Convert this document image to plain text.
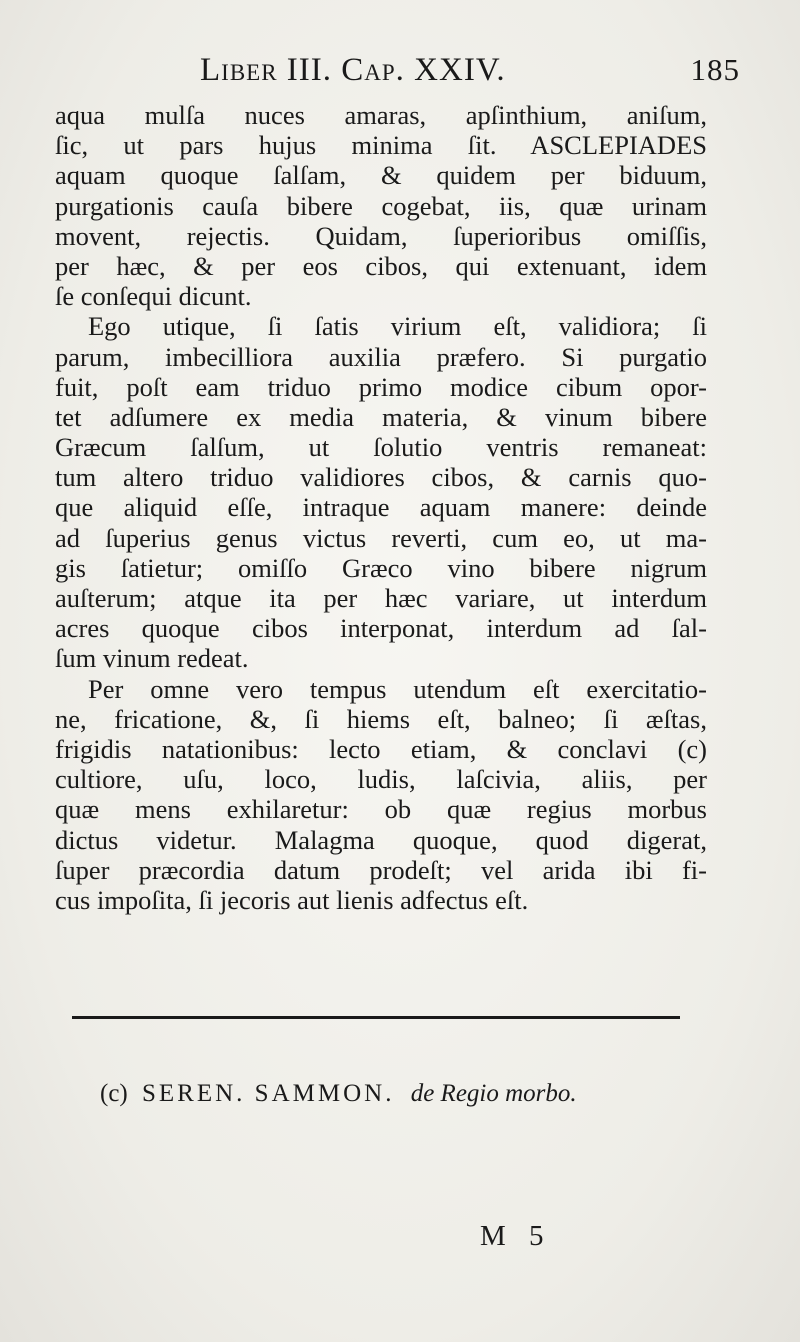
Liber III. Cap. XXIV.	185
aqua mulſa nuces amaras, apſinthium, aniſum,
ſic, ut pars hujus minima ſit. ASCLEPIADES
aquam quoque ſalſam, & quidem per biduum,
purgationis cauſa bibere cogebat, iis, quæ urinam
movent, rejectis. Quidam, ſuperioribus omiſſis,
per hæc, & per eos cibos, qui extenuant, idem
ſe conſequi dicunt.
Ego utique, ſi ſatis virium eſt, validiora; ſi
parum, imbecilliora auxilia præfero. Si purgatio
fuit, poſt eam triduo primo modice cibum opor-
tet adſumere ex media materia, & vinum bibere
Græcum ſalſum, ut ſolutio ventris remaneat:
tum altero triduo validiores cibos, & carnis quo-
que aliquid eſſe, intraque aquam manere: deinde
ad ſuperius genus victus reverti, cum eo, ut ma-
gis ſatietur; omiſſo Græco vino bibere nigrum
auſterum; atque ita per hæc variare, ut interdum
acres quoque cibos interponat, interdum ad ſal-
ſum vinum redeat.
Per omne vero tempus utendum eſt exercitatio-
ne, fricatione, &, ſi hiems eſt, balneo; ſi æſtas,
frigidis natationibus: lecto etiam, & conclavi (c)
cultiore, uſu, loco, ludis, laſcivia, aliis, per
quæ mens exhilaretur: ob quæ regius morbus
dictus videtur. Malagma quoque, quod digerat,
ſuper præcordia datum prodeſt; vel arida ibi fi-
cus impoſita, ſi jecoris aut lienis adfectus eſt.
(c) SEREN. SAMMON. de Regio morbo.
M 5
